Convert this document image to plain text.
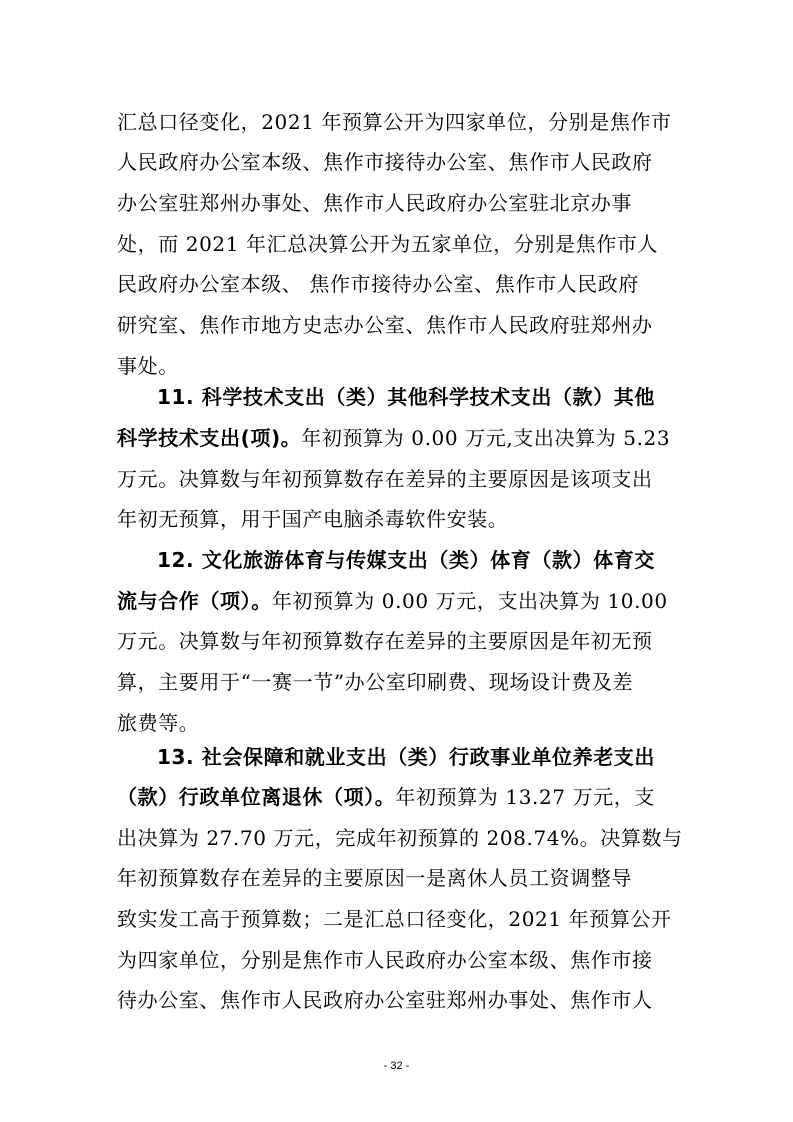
汇总口径变化，2021 年预算公开为四家单位，分别是焦作市
人民政府办公室本级、焦作市接待办公室、焦作市人民政府
办公室驻郑州办事处、焦作市人民政府办公室驻北京办事
处，而 2021 年汇总决算公开为五家单位，分别是焦作市人
民政府办公室本级、 焦作市接待办公室、焦作市人民政府
研究室、焦作市地方史志办公室、焦作市人民政府驻郑州办
事处。
11. 科学技术支出（类）其他科学技术支出（款）其他
科学技术支出(项)。年初预算为 0.00 万元,支出决算为 5.23
万元。决算数与年初预算数存在差异的主要原因是该项支出
年初无预算，用于国产电脑杀毒软件安装。
12. 文化旅游体育与传媒支出（类）体育（款）体育交
流与合作（项）。年初预算为 0.00 万元，支出决算为 10.00
万元。决算数与年初预算数存在差异的主要原因是年初无预
算，主要用于“一赛一节”办公室印刷费、现场设计费及差
旅费等。
13. 社会保障和就业支出（类）行政事业单位养老支出
（款）行政单位离退休（项）。年初预算为 13.27 万元，支
出决算为 27.70 万元，完成年初预算的 208.74%。决算数与
年初预算数存在差异的主要原因一是离休人员工资调整导
致实发工高于预算数；二是汇总口径变化，2021 年预算公开
为四家单位，分别是焦作市人民政府办公室本级、焦作市接
待办公室、焦作市人民政府办公室驻郑州办事处、焦作市人
- 32 -
